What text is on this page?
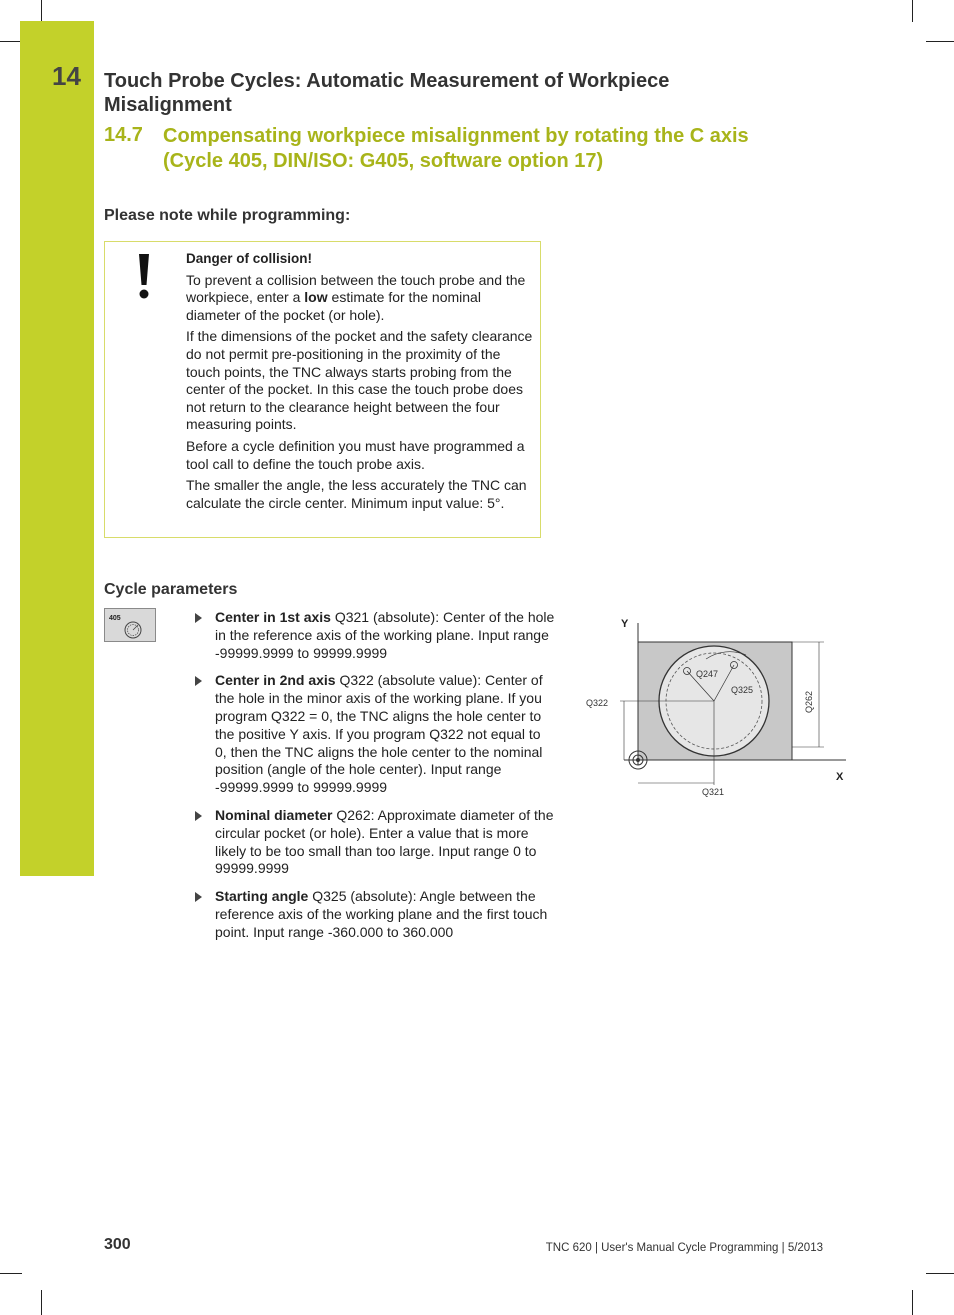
14 Touch Probe Cycles: Automatic Measurement of Workpiece Misalignment
14.7 Compensating workpiece misalignment by rotating the C axis (Cycle 405, DIN/ISO: G405, software option 17)
Please note while programming:

Danger of collision!

To prevent a collision between the touch probe and the workpiece, enter a low estimate for the nominal diameter of the pocket (or hole).

If the dimensions of the pocket and the safety clearance do not permit pre-positioning in the proximity of the touch points, the TNC always starts probing from the center of the pocket. In this case the touch probe does not return to the clearance height between the four measuring points.

Before a cycle definition you must have programmed a tool call to define the touch probe axis.

The smaller the angle, the less accurately the TNC can calculate the circle center. Minimum input value: 5°.

Cycle parameters
405	Center in 1st axis Q321 (absolute): Center of the hole in the reference axis of the working plane. Input range -99999.9999 to 99999.9999
Center in 2nd axis Q322 (absolute value): Center of the hole in the minor axis of the working plane. If you program Q322 = 0, the TNC aligns the hole center to the positive Y axis. If you program Q322 not equal to 0, then the TNC aligns the hole center to the nominal position (angle of the hole center). Input range -99999.9999 to 99999.9999
Nominal diameter Q262: Approximate diameter of the circular pocket (or hole). Enter a value that is more likely to be too small than too large. Input range 0 to 99999.9999
Starting angle Q325 (absolute): Angle between the reference axis of the working plane and the first touch point. Input range -360.000 to 360.000
Y
X
Q247
Q325
Q322	Q262
Q321
300	TNC 620 | User's Manual Cycle Programming | 5/2013
